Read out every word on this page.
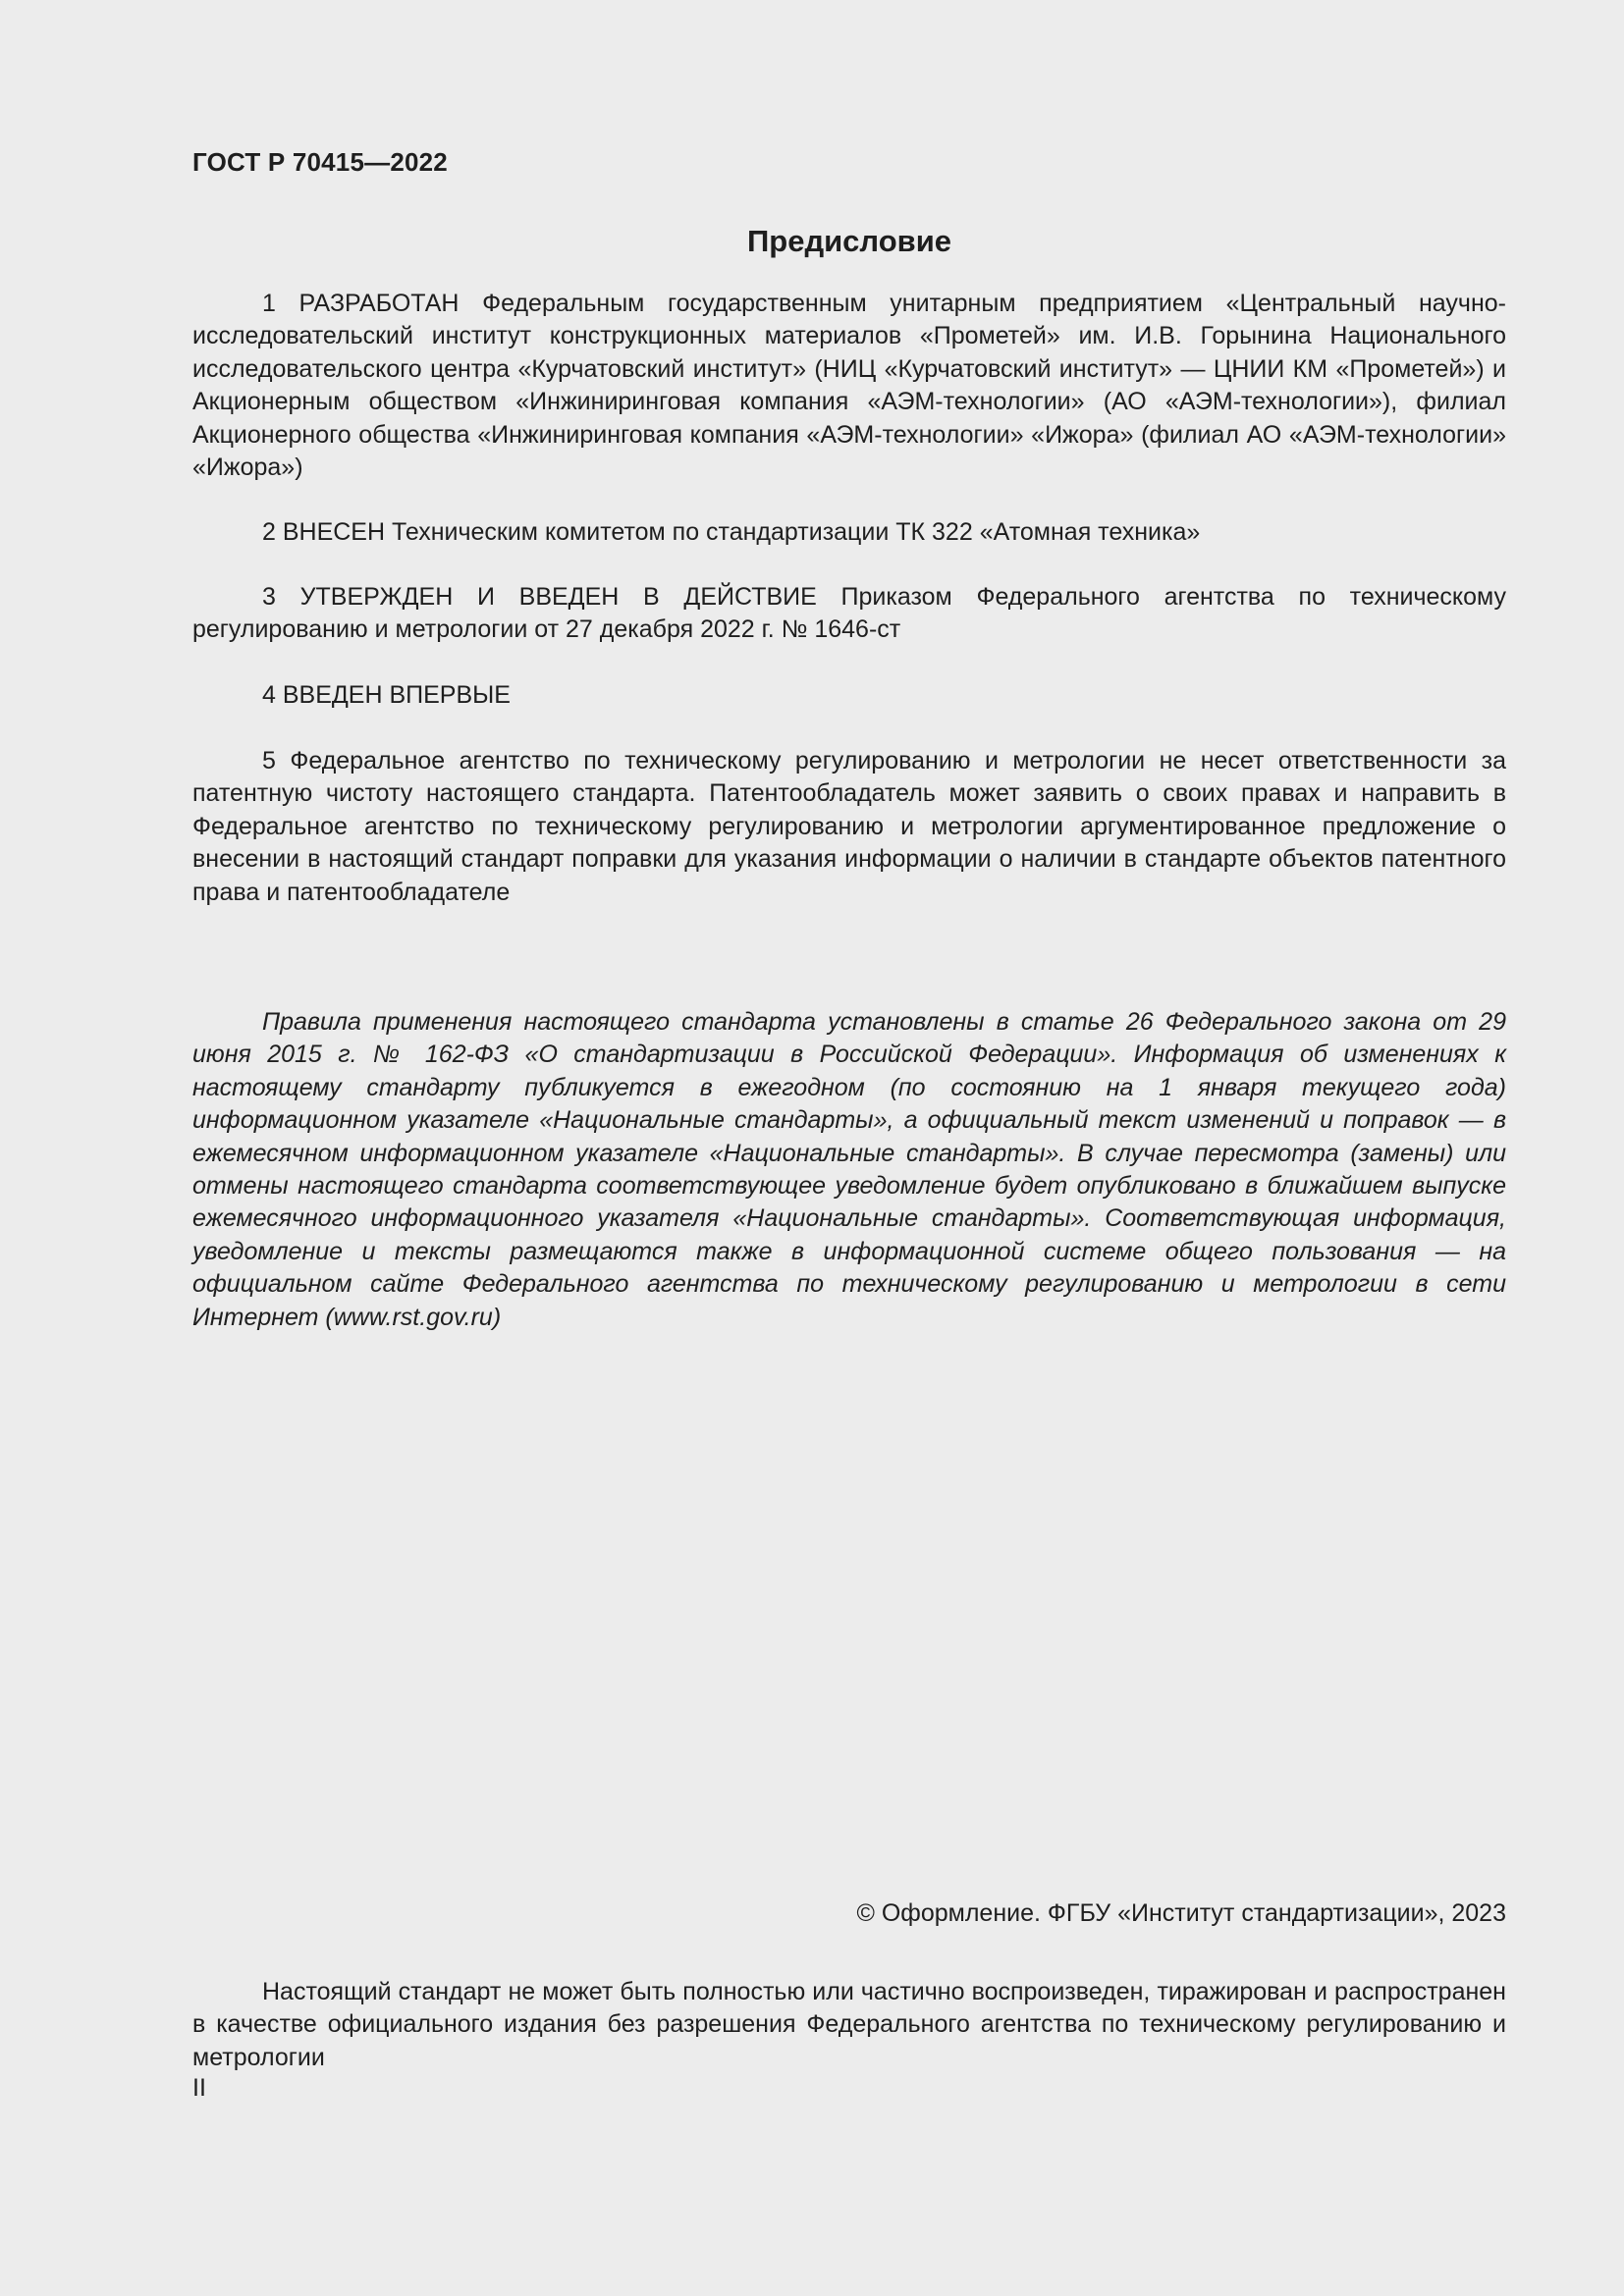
ГОСТ Р 70415—2022
Предисловие

1 РАЗРАБОТАН Федеральным государственным унитарным предприятием «Центральный научно-исследовательский институт конструкционных материалов «Прометей» им. И.В. Горынина Национального исследовательского центра «Курчатовский институт» (НИЦ «Курчатовский институт» — ЦНИИ КМ «Прометей») и Акционерным обществом «Инжиниринговая компания «АЭМ-технологии» (АО «АЭМ-технологии»), филиал Акционерного общества «Инжиниринговая компания «АЭМ-технологии» «Ижора» (филиал АО «АЭМ-технологии» «Ижора»)

2 ВНЕСЕН Техническим комитетом по стандартизации ТК 322 «Атомная техника»

3 УТВЕРЖДЕН И ВВЕДЕН В ДЕЙСТВИЕ Приказом Федерального агентства по техническому регулированию и метрологии от 27 декабря 2022 г. № 1646-ст

4 ВВЕДЕН ВПЕРВЫЕ

5 Федеральное агентство по техническому регулированию и метрологии не несет ответственности за патентную чистоту настоящего стандарта. Патентообладатель может заявить о своих правах и направить в Федеральное агентство по техническому регулированию и метрологии аргументированное предложение о внесении в настоящий стандарт поправки для указания информации о наличии в стандарте объектов патентного права и патентообладателе

Правила применения настоящего стандарта установлены в статье 26 Федерального закона от 29 июня 2015 г. № 162-ФЗ «О стандартизации в Российской Федерации». Информация об изменениях к настоящему стандарту публикуется в ежегодном (по состоянию на 1 января текущего года) информационном указателе «Национальные стандарты», а официальный текст изменений и поправок — в ежемесячном информационном указателе «Национальные стандарты». В случае пересмотра (замены) или отмены настоящего стандарта соответствующее уведомление будет опубликовано в ближайшем выпуске ежемесячного информационного указателя «Национальные стандарты». Соответствующая информация, уведомление и тексты размещаются также в информационной системе общего пользования — на официальном сайте Федерального агентства по техническому регулированию и метрологии в сети Интернет (www.rst.gov.ru)

© Оформление. ФГБУ «Институт стандартизации», 2023

Настоящий стандарт не может быть полностью или частично воспроизведен, тиражирован и распространен в качестве официального издания без разрешения Федерального агентства по техническому регулированию и метрологии

II
